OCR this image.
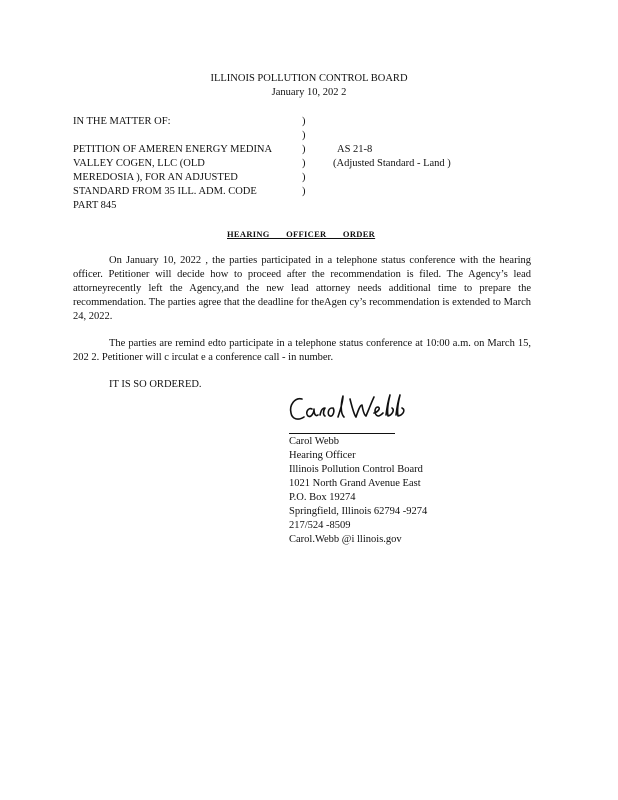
ILLINOIS POLLUTION CONTROL BOARD
January 10, 202 2
IN THE MATTER OF:

PETITION OF AMEREN ENERGY MEDINA
VALLEY COGEN, LLC (OLD
MEREDOSIA ), FOR AN ADJUSTED
STANDARD FROM 35 ILL. ADM. CODE
PART 845
)
)
)
)
)
)
AS 21-8
(Adjusted Standard - Land )
HEARING OFFICER ORDER

On January 10, 2022 , the parties participated in a telephone status conference with the hearing officer. Petitioner will decide how to proceed after the recommendation is filed. The Agency’s lead attorneyrecently left the Agency,and the new lead attorney needs additional time to prepare the recommendation. The parties agree that the deadline for theAgen cy’s recommendation is extended to March 24, 2022.

The parties are remind edto participate in a telephone status conference at 10:00 a.m. on March 15, 202 2. Petitioner will c irculat e a conference call - in number.

IT IS SO ORDERED.

Carol Webb
Hearing Officer
Illinois Pollution Control Board
1021 North Grand Avenue East
P.O. Box 19274
Springfield, Illinois 62794 -9274
217/524 -8509
Carol.Webb @i llinois.gov
